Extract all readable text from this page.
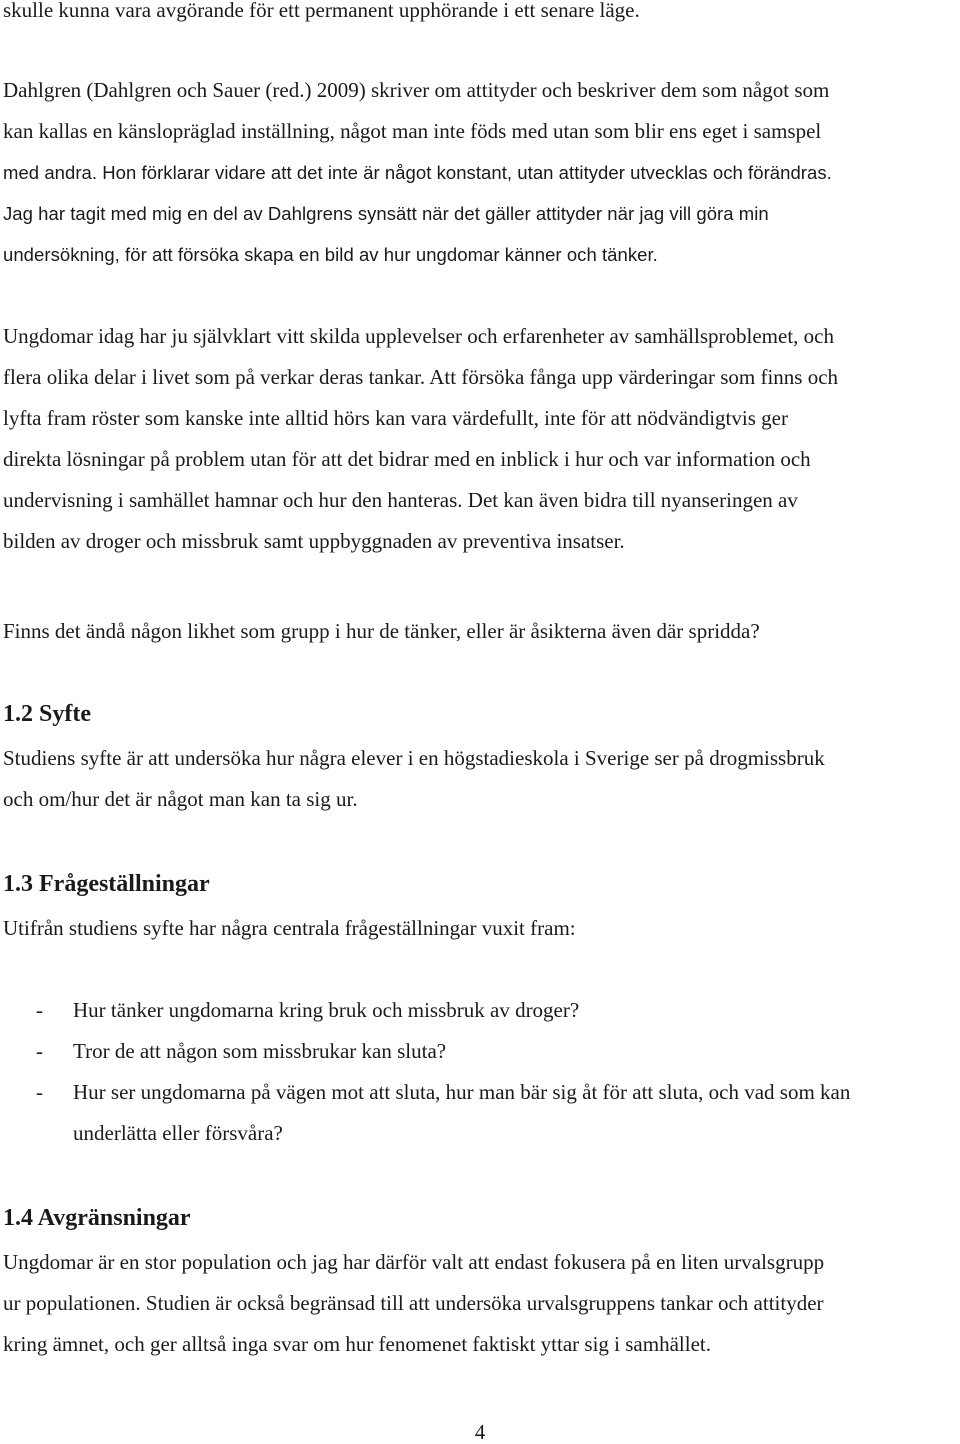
skulle kunna vara avgörande för ett permanent upphörande i ett senare läge.
Dahlgren (Dahlgren och Sauer (red.) 2009) skriver om attityder och beskriver dem som något som
kan kallas en känslopräglad inställning, något man inte föds med utan som blir ens eget i samspel
med andra. Hon förklarar vidare att det inte är något konstant, utan attityder utvecklas och förändras.
Jag har tagit med mig en del av Dahlgrens synsätt när det gäller attityder när jag vill göra min
undersökning, för att försöka skapa en bild av hur ungdomar känner och tänker.
Ungdomar idag har ju självklart vitt skilda upplevelser och erfarenheter av samhällsproblemet, och
flera olika delar i livet som på verkar deras tankar. Att försöka fånga upp värderingar som finns och
lyfta fram röster som kanske inte alltid hörs kan vara värdefullt, inte för att nödvändigtvis ger
direkta lösningar på problem utan för att det bidrar med en inblick i hur och var information och
undervisning i samhället hamnar och hur den hanteras. Det kan även bidra till nyanseringen av
bilden av droger och missbruk samt uppbyggnaden av preventiva insatser.
Finns det ändå någon likhet som grupp i hur de tänker, eller är åsikterna även där spridda?
1.2 Syfte
Studiens syfte är att undersöka hur några elever i en högstadieskola i Sverige ser på drogmissbruk
och om/hur det är något man kan ta sig ur.
1.3 Frågeställningar
Utifrån studiens syfte har några centrala frågeställningar vuxit fram:
- Hur tänker ungdomarna kring bruk och missbruk av droger?
- Tror de att någon som missbrukar kan sluta?
- Hur ser ungdomarna på vägen mot att sluta, hur man bär sig åt för att sluta, och vad som kan
underlätta eller försvåra?
1.4 Avgränsningar
Ungdomar är en stor population och jag har därför valt att endast fokusera på en liten urvalsgrupp
ur populationen. Studien är också begränsad till att undersöka urvalsgruppens tankar och attityder
kring ämnet, och ger alltså inga svar om hur fenomenet faktiskt yttar sig i samhället.
4
